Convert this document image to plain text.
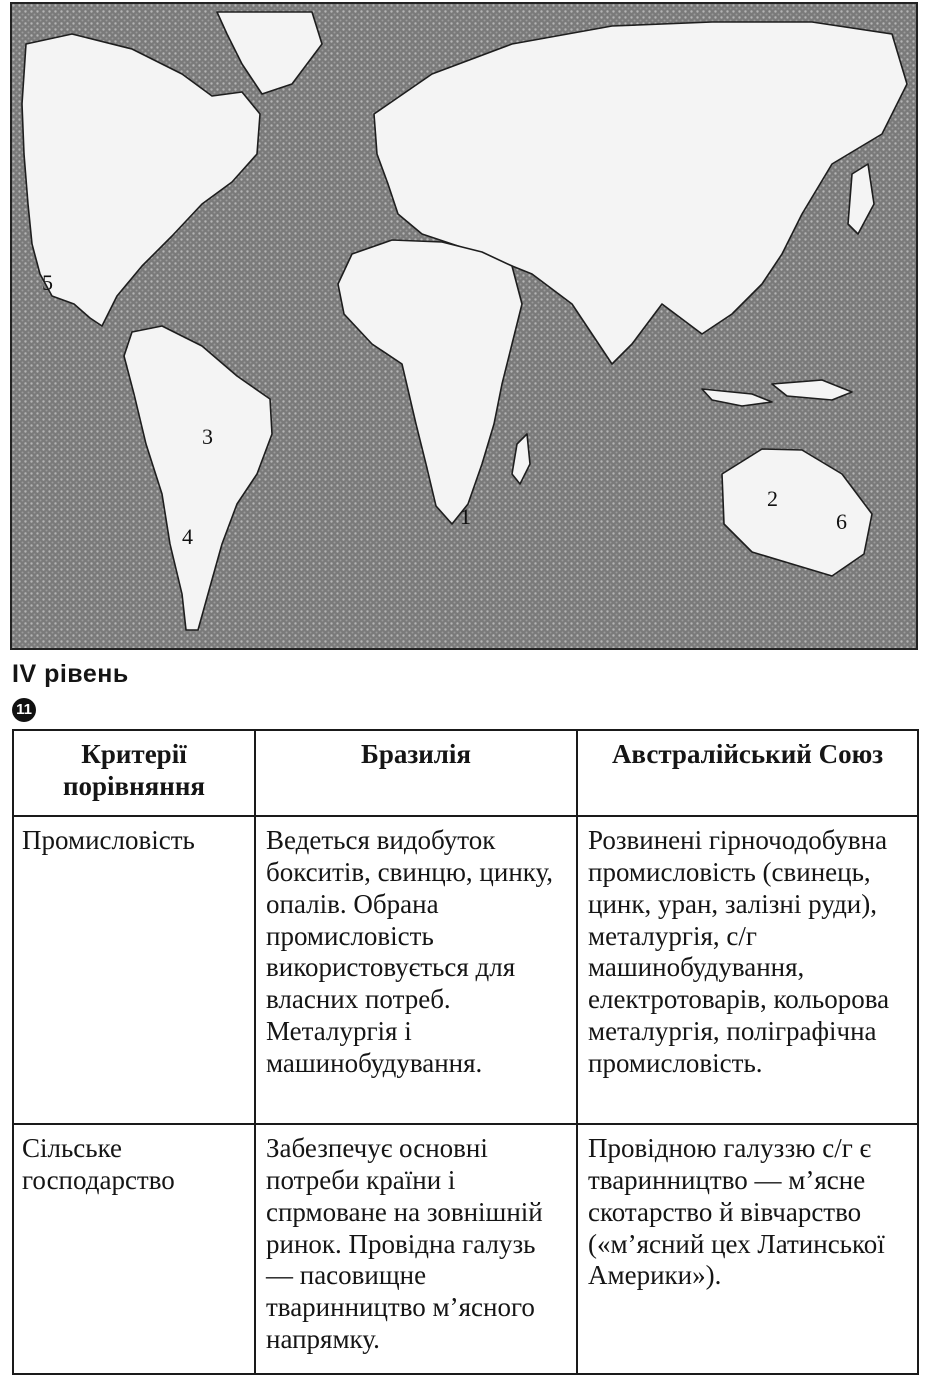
1
2
3
4
5
6
IV рівень
11
Критерії порівняння	Бразилія	Австралійський Союз
Промисловість	Ведеться видобуток бокситів, свинцю, цинку, опалів. Обрана промисловість використовується для власних потреб. Металургія і машинобудування.	Розвинені гірночодобувна промисловість (свинець, цинк, уран, залізні руди), металургія, с/г машинобудування, електротоварів, кольорова металургія, поліграфічна промисловість.
Сільське господарство	Забезпечує основні потреби країни і спрмоване на зовнішній ринок. Провідна галузь — пасовищне тваринництво м’ясного напрямку.	Провідною галуззю с/г є тваринництво — м’ясне скотарство й вівчарство («м’ясний цех Латинської Америки»).
